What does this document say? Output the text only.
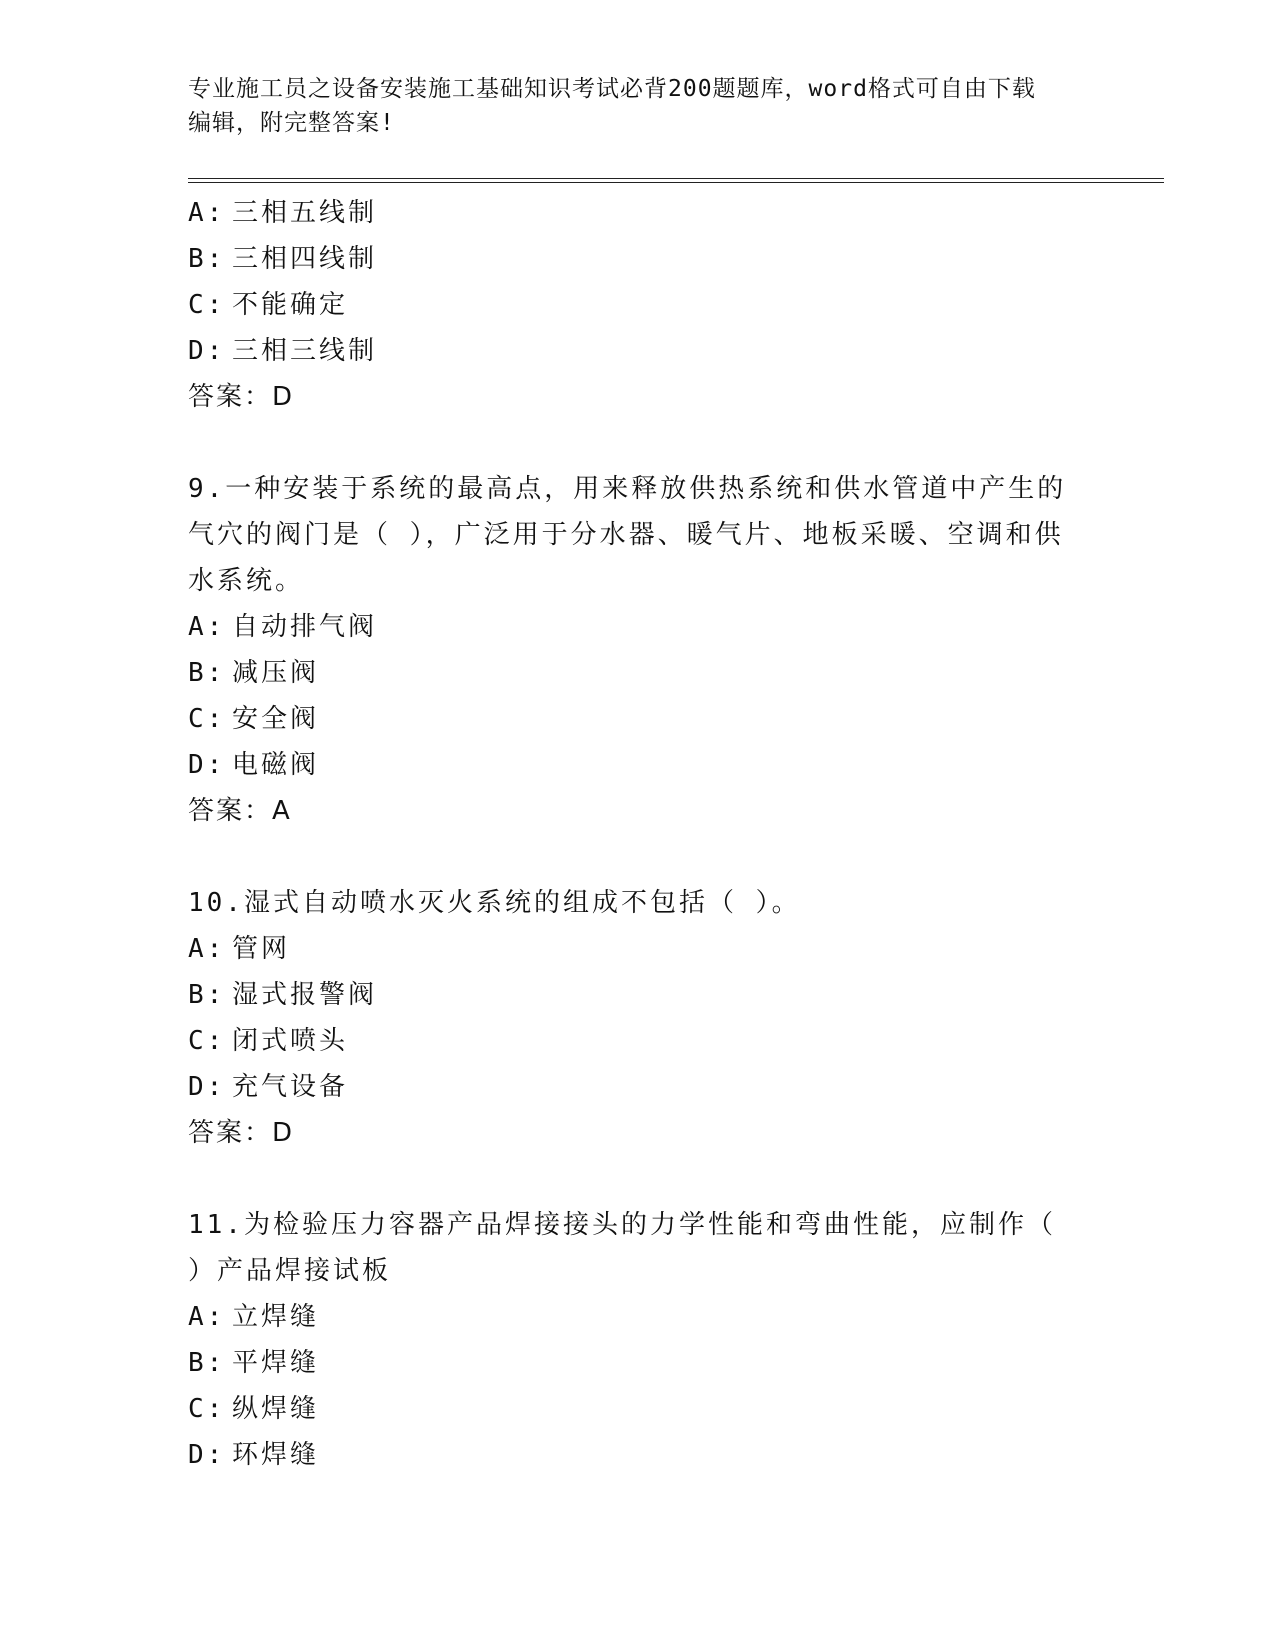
专业施工员之设备安装施工基础知识考试必背200题题库，word格式可自由下载
编辑，附完整答案!
A: 三相五线制
B: 三相四线制
C: 不能确定
D: 三相三线制
答案：D
9.一种安装于系统的最高点，用来释放供热系统和供水管道中产生的
气穴的阀门是（ ），广泛用于分水器、暖气片、地板采暖、空调和供
水系统。
A: 自动排气阀
B: 减压阀
C: 安全阀
D: 电磁阀
答案：A
10.湿式自动喷水灭火系统的组成不包括（ ）。
A: 管网
B: 湿式报警阀
C: 闭式喷头
D: 充气设备
答案：D
11.为检验压力容器产品焊接接头的力学性能和弯曲性能，应制作（
）产品焊接试板
A: 立焊缝
B: 平焊缝
C: 纵焊缝
D: 环焊缝
